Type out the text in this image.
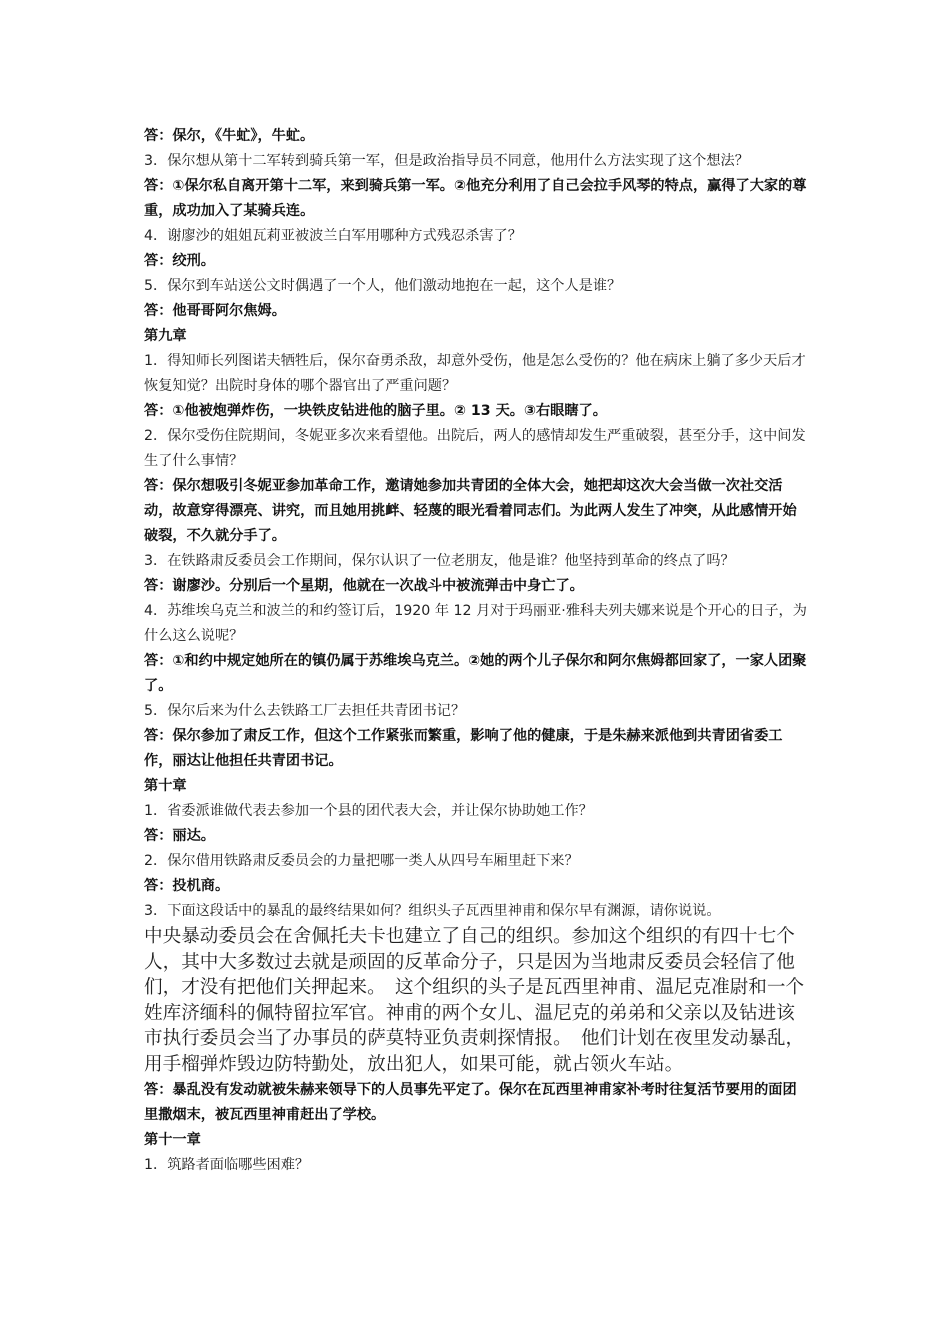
答：保尔，《牛虻》，牛虻。

3．保尔想从第十二军转到骑兵第一军，但是政治指导员不同意，他用什么方法实现了这个想法？

答：①保尔私自离开第十二军，来到骑兵第一军。②他充分利用了自己会拉手风琴的特点，赢得了大家的尊重，成功加入了某骑兵连。

4．谢廖沙的姐姐瓦莉亚被波兰白军用哪种方式残忍杀害了？

答：绞刑。

5．保尔到车站送公文时偶遇了一个人，他们激动地抱在一起，这个人是谁？

答：他哥哥阿尔焦姆。

第九章

1．得知师长列图诺夫牺牲后，保尔奋勇杀敌，却意外受伤，他是怎么受伤的？他在病床上躺了多少天后才恢复知觉？出院时身体的哪个器官出了严重问题？

答：①他被炮弹炸伤，一块铁皮钻进他的脑子里。② 13 天。③右眼瞎了。

2．保尔受伤住院期间，冬妮亚多次来看望他。出院后，两人的感情却发生严重破裂，甚至分手，这中间发生了什么事情？

答：保尔想吸引冬妮亚参加革命工作，邀请她参加共青团的全体大会，她把却这次大会当做一次社交活动，故意穿得漂亮、讲究，而且她用挑衅、轻蔑的眼光看着同志们。为此两人发生了冲突，从此感情开始破裂，不久就分手了。

3．在铁路肃反委员会工作期间，保尔认识了一位老朋友，他是谁？他坚持到革命的终点了吗？

答：谢廖沙。分别后一个星期，他就在一次战斗中被流弹击中身亡了。

4．苏维埃乌克兰和波兰的和约签订后，1920 年 12 月对于玛丽亚·雅科夫列夫娜来说是个开心的日子，为什么这么说呢？

答：①和约中规定她所在的镇仍属于苏维埃乌克兰。②她的两个儿子保尔和阿尔焦姆都回家了，一家人团聚了。

5．保尔后来为什么去铁路工厂去担任共青团书记？

答：保尔参加了肃反工作，但这个工作紧张而繁重，影响了他的健康，于是朱赫来派他到共青团省委工作，丽达让他担任共青团书记。

第十章

1．省委派谁做代表去参加一个县的团代表大会，并让保尔协助她工作？

答：丽达。

2．保尔借用铁路肃反委员会的力量把哪一类人从四号车厢里赶下来？

答：投机商。

3．下面这段话中的暴乱的最终结果如何？组织头子瓦西里神甫和保尔早有渊源，请你说说。

中央暴动委员会在舍佩托夫卡也建立了自己的组织。参加这个组织的有四十七个人，其中大多数过去就是顽固的反革命分子，只是因为当地肃反委员会轻信了他们，才没有把他们关押起来。　这个组织的头子是瓦西里神甫、温尼克准尉和一个姓库济缅科的佩特留拉军官。神甫的两个女儿、温尼克的弟弟和父亲以及钻进该市执行委员会当了办事员的萨莫特亚负责刺探情报。　他们计划在夜里发动暴乱，用手榴弹炸毁边防特勤处，放出犯人，如果可能，就占领火车站。

答：暴乱没有发动就被朱赫来领导下的人员事先平定了。保尔在瓦西里神甫家补考时往复活节要用的面团里撒烟末，被瓦西里神甫赶出了学校。

第十一章

1．筑路者面临哪些困难？
